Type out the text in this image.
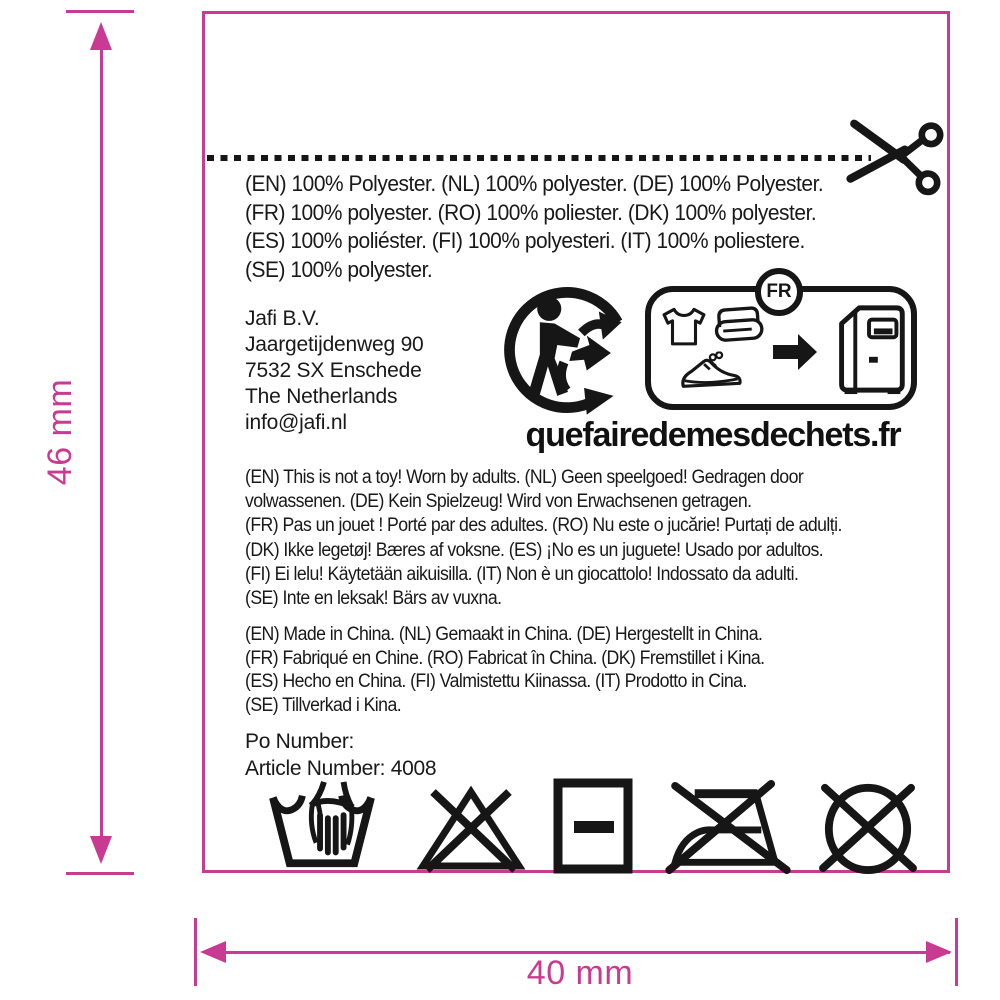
(EN) 100% Polyester. (NL) 100% polyester. (DE) 100% Polyester.
(FR) 100% polyester. (RO) 100% poliester. (DK) 100% polyester.
(ES) 100% poliéster. (FI) 100% polyesteri. (IT) 100% poliestere.
(SE) 100% polyester.
Jafi B.V.
Jaargetijdenweg 90
7532 SX Enschede
The Netherlands
info@jafi.nl
FR
quefairedemesdechets.fr
(EN) This is not a toy! Worn by adults. (NL) Geen speelgoed! Gedragen door
volwassenen. (DE) Kein Spielzeug! Wird von Erwachsenen getragen.
(FR) Pas un jouet ! Porté par des adultes. (RO) Nu este o jucărie! Purtați de adulți.
(DK) Ikke legetøj! Bæres af voksne. (ES) ¡No es un juguete! Usado por adultos.
(FI) Ei lelu! Käytetään aikuisilla. (IT) Non è un giocattolo! Indossato da adulti.
(SE) Inte en leksak! Bärs av vuxna.
(EN) Made in China. (NL) Gemaakt in China. (DE) Hergestellt in China.
(FR) Fabriqué en Chine. (RO) Fabricat în China. (DK) Fremstillet i Kina.
(ES) Hecho en China. (FI) Valmistettu Kiinassa. (IT) Prodotto in Cina.
(SE) Tillverkad i Kina.
Po Number:
Article Number: 4008
46 mm
40 mm
